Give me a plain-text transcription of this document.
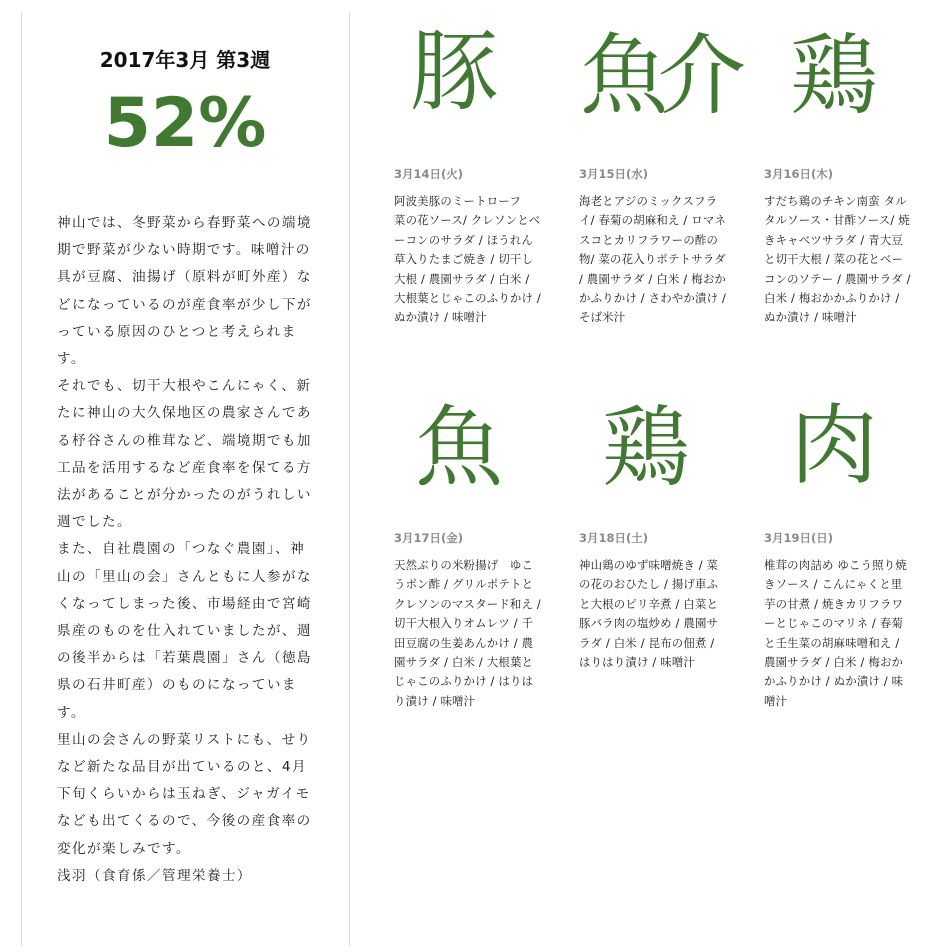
2017年3月 第3週
52%

神山では、冬野菜から春野菜への端境期で野菜が少ない時期です。味噌汁の具が豆腐、油揚げ（原料が町外産）などになっているのが産食率が少し下がっている原因のひとつと考えられます。

それでも、切干大根やこんにゃく、新たに神山の大久保地区の農家さんである杼谷さんの椎茸など、端境期でも加工品を活用するなど産食率を保てる方法があることが分かったのがうれしい週でした。

また、自社農園の「つなぐ農園」、神山の「里山の会」さんともに人参がなくなってしまった後、市場経由で宮崎県産のものを仕入れていましたが、週の後半からは「若葉農園」さん（徳島県の石井町産）のものになっています。

里山の会さんの野菜リストにも、せりなど新たな品目が出ているのと、4月下旬くらいからは玉ねぎ、ジャガイモなども出てくるので、今後の産食率の変化が楽しみです。

浅羽（食育係／管理栄養士）

豚
3月14日(火)
阿波美豚のミートローフ　菜の花ソース/ クレソンとベーコンのサラダ / ほうれん草入りたまご焼き / 切干し大根 / 農園サラダ / 白米 / 大根葉とじゃこのふりかけ / ぬか漬け / 味噌汁
魚介
3月15日(水)
海老とアジのミックスフライ/ 春菊の胡麻和え / ロマネスコとカリフラワーの酢の物/ 菜の花入りポテトサラダ / 農園サラダ / 白米 / 梅おかかふりかけ / さわやか漬け / そば米汁
鶏
3月16日(木)
すだち鶏のチキン南蛮 タルタルソース・甘酢ソース/ 焼きキャベツサラダ / 青大豆と切干大根 / 菜の花とベーコンのソテー / 農園サラダ / 白米 / 梅おかかふりかけ / ぬか漬け / 味噌汁
魚
3月17日(金)
天然ぶりの米粉揚げ　ゆこうポン酢 / グリルポテトとクレソンのマスタード和え / 切干大根入りオムレツ / 千田豆腐の生姜あんかけ / 農園サラダ / 白米 / 大根葉とじゃこのふりかけ / はりはり漬け / 味噌汁
鶏
3月18日(土)
神山鶏のゆず味噌焼き / 菜の花のおひたし / 揚げ車ふと大根のピリ辛煮 / 白菜と豚バラ肉の塩炒め / 農園サラダ / 白米 / 昆布の佃煮 / はりはり漬け / 味噌汁
肉
3月19日(日)
椎茸の肉詰め ゆこう照り焼きソース / こんにゃくと里芋の甘煮 / 焼きカリフラワーとじゃこのマリネ / 春菊と壬生菜の胡麻味噌和え / 農園サラダ / 白米 / 梅おかかふりかけ / ぬか漬け / 味噌汁
